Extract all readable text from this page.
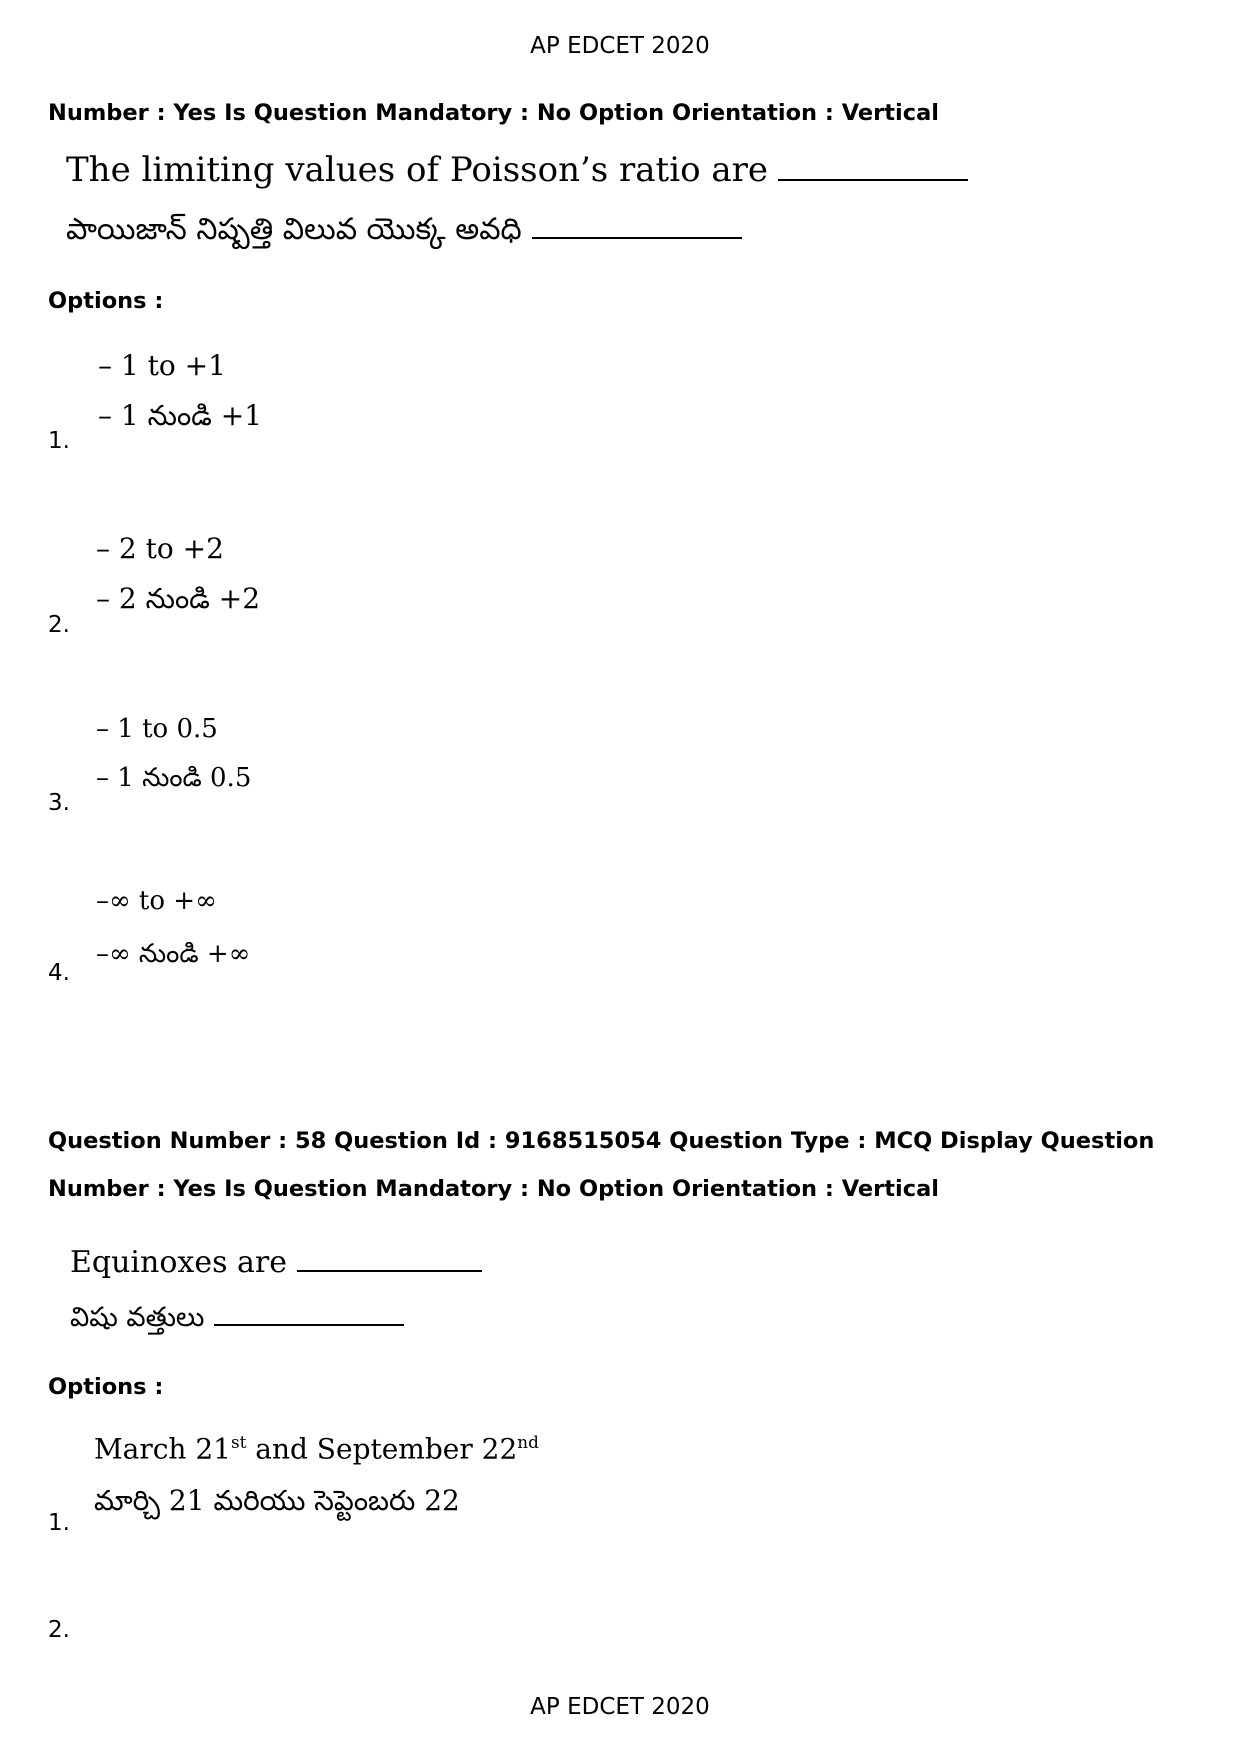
AP EDCET 2020
Number : Yes Is Question Mandatory : No Option Orientation : Vertical
The limiting values of Poisson’s ratio are
పాయిజాన్ నిష్పత్తి విలువ యొక్క అవధి
Options :
– 1 to +1
– 1 నుండి +1
1.
– 2 to +2
– 2 నుండి +2
2.
– 1 to 0.5
– 1 నుండి 0.5
3.
–∞ to +∞
–∞ నుండి +∞
4.
Question Number : 58 Question Id : 9168515054 Question Type : MCQ Display Question
Number : Yes Is Question Mandatory : No Option Orientation : Vertical
Equinoxes are
విషు వత్తులు
Options :
March 21st and September 22nd
మార్చి 21 మరియు సెప్టెంబరు 22
1.
2.
AP EDCET 2020
